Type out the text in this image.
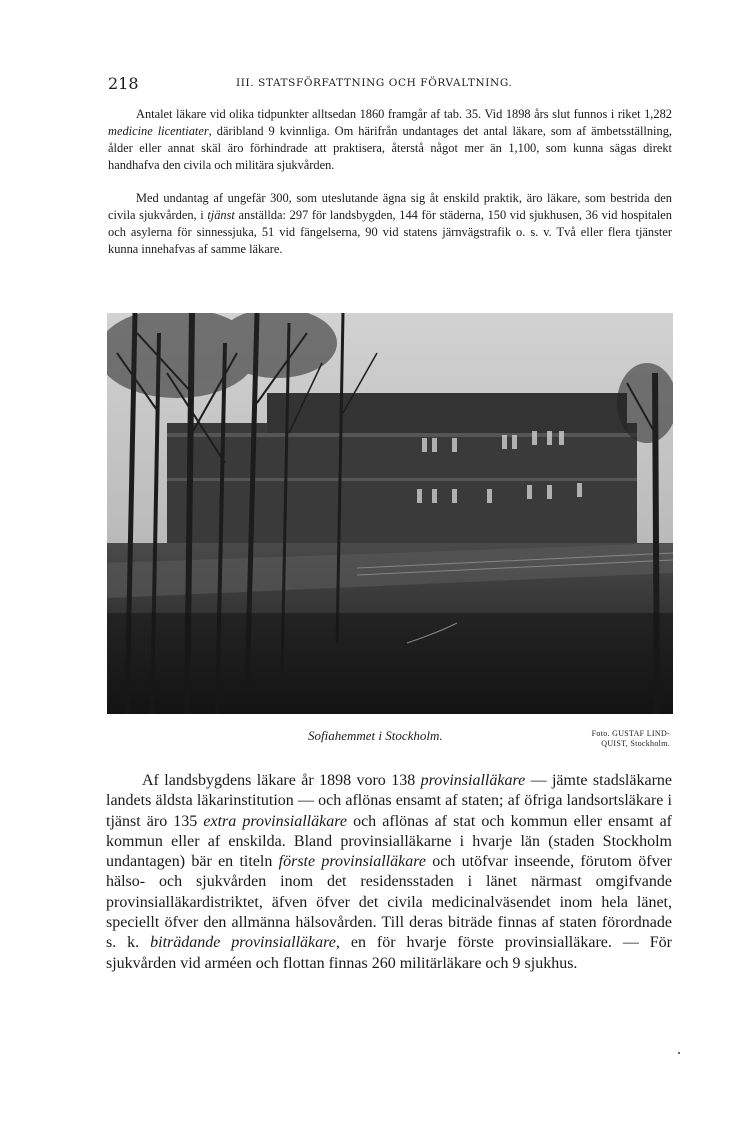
218	III. STATSFÖRFATTNING OCH FÖRVALTNING.

Antalet läkare vid olika tidpunkter alltsedan 1860 framgår af tab. 35. Vid 1898 års slut funnos i riket 1,282 medicine licentiater, däribland 9 kvinnliga. Om härifrån undantages det antal läkare, som af ämbetsställning, ålder eller annat skäl äro förhindrade att praktisera, återstå något mer än 1,100, som kunna sägas direkt handhafva den civila och militära sjukvården.

Med undantag af ungefär 300, som uteslutande ägna sig åt enskild praktik, äro läkare, som bestrida den civila sjukvården, i tjänst anställda: 297 för landsbygden, 144 för städerna, 150 vid sjukhusen, 36 vid hospitalen och asylerna för sinnessjuka, 51 vid fängelserna, 90 vid statens järnvägstrafik o. s. v. Två eller flera tjänster kunna innehafvas af samme läkare.

Sofiahemmet i Stockholm.	Foto. GUSTAF LIND-
QUIST, Stockholm.

Af landsbygdens läkare år 1898 voro 138 provinsialläkare — jämte stadsläkarne landets äldsta läkarinstitution — och aflönas ensamt af staten; af öfriga landsortsläkare i tjänst äro 135 extra provinsialläkare och aflönas af stat och kommun eller ensamt af kommun eller af enskilda. Bland provinsialläkarne i hvarje län (staden Stockholm undantagen) bär en titeln förste provinsialläkare och utöfvar inseende, förutom öfver hälso- och sjukvården inom det residensstaden i länet närmast omgifvande provinsialläkardistriktet, äfven öfver det civila medicinalväsendet inom hela länet, speciellt öfver den allmänna hälsovården. Till deras biträde finnas af staten förordnade s. k. biträdande provinsialläkare, en för hvarje förste provinsialläkare. — För sjukvården vid arméen och flottan finnas 260 militärläkare och 9 sjukhus.
